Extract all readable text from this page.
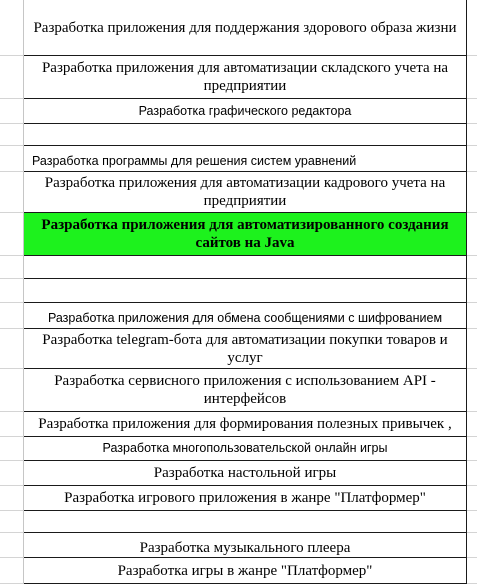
Разработка приложения для поддержания здорового образа жизни
Разработка приложения для автоматизации складского учета на предприятии
Разработка графического редактора
Разработка программы для решения систем уравнений
Разработка приложения для автоматизации кадрового учета на предприятии
Разработка приложения для автоматизированного создания сайтов на Java
Разработка приложения для обмена сообщениями с шифрованием
Разработка telegram-бота для автоматизации покупки товаров и услуг
Разработка сервисного приложения с использованием API - интерфейсов
Разработка приложения для формирования полезных привычек ,
Разработка многопользовательской онлайн игры
Разработка настольной игры
Разработка игрового приложения в жанре "Платформер"
Разработка музыкального плеера
Разработка игры в жанре "Платформер"
